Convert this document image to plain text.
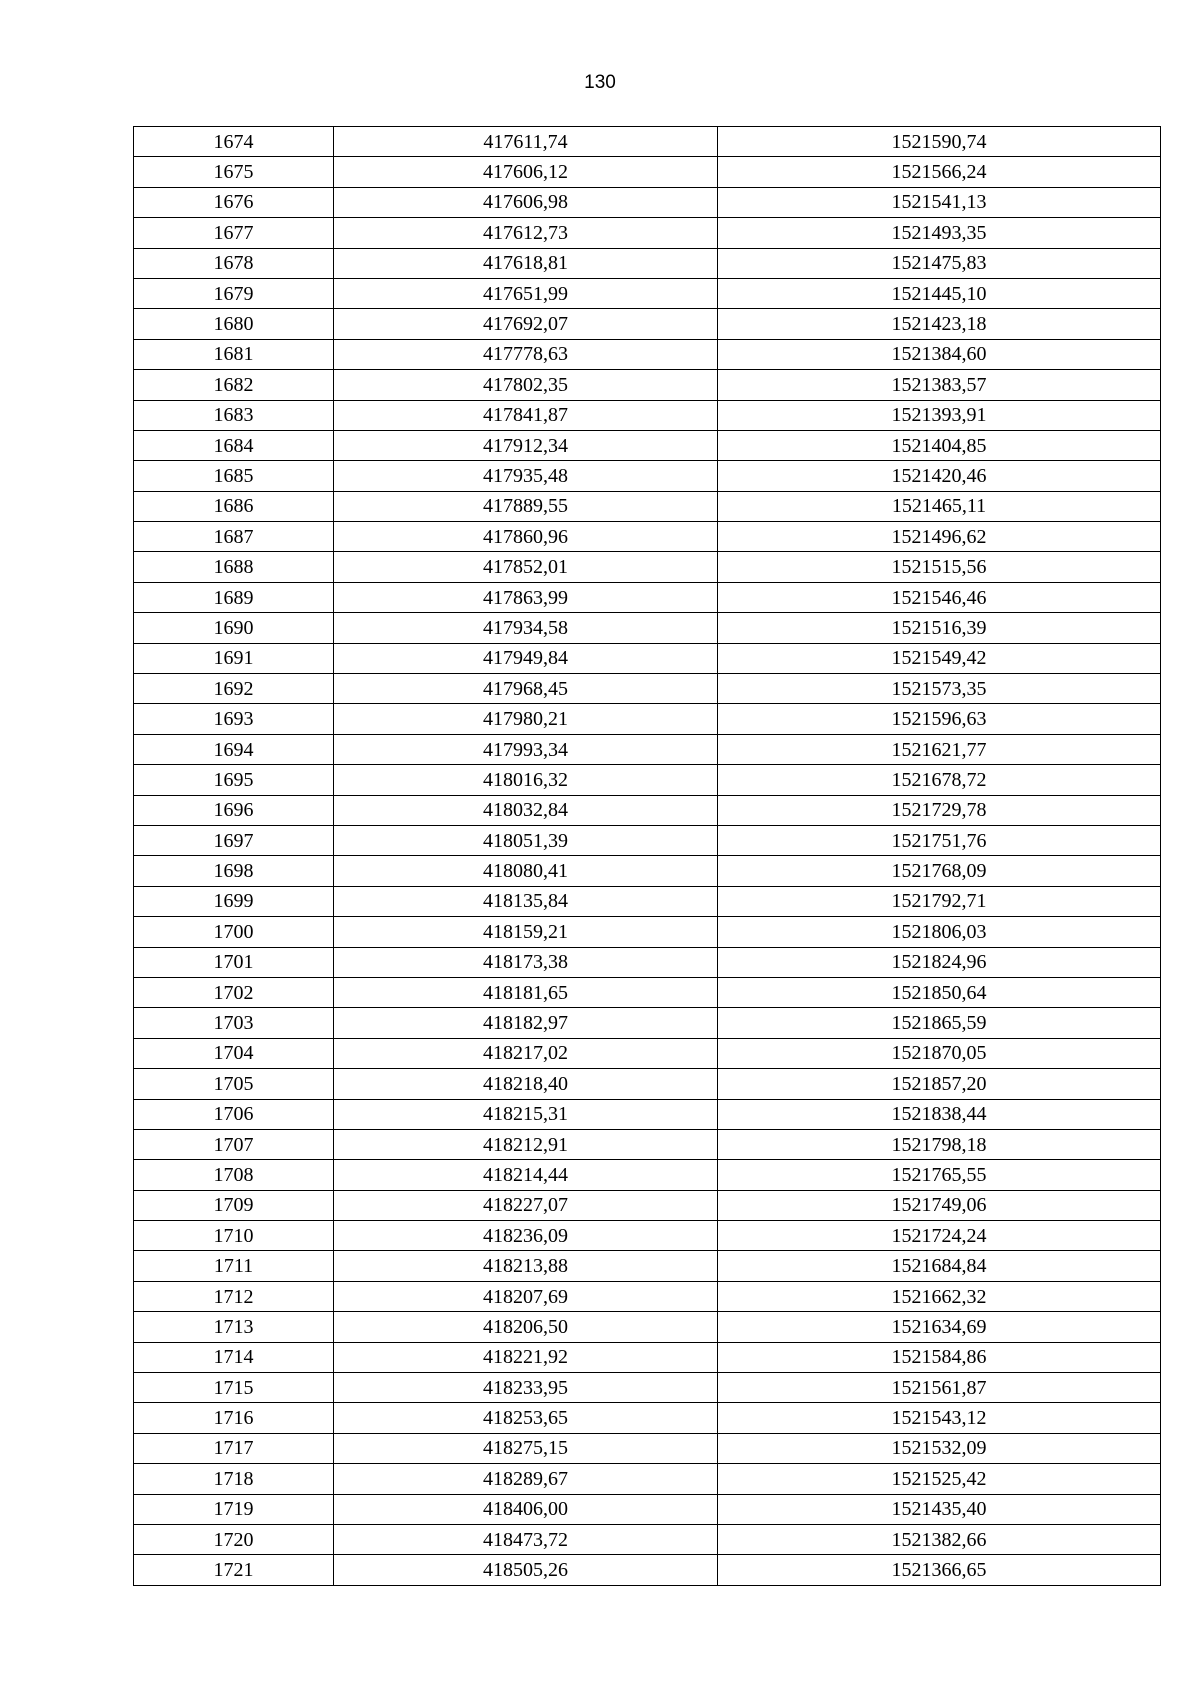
130
1674	417611,74	1521590,74
1675	417606,12	1521566,24
1676	417606,98	1521541,13
1677	417612,73	1521493,35
1678	417618,81	1521475,83
1679	417651,99	1521445,10
1680	417692,07	1521423,18
1681	417778,63	1521384,60
1682	417802,35	1521383,57
1683	417841,87	1521393,91
1684	417912,34	1521404,85
1685	417935,48	1521420,46
1686	417889,55	1521465,11
1687	417860,96	1521496,62
1688	417852,01	1521515,56
1689	417863,99	1521546,46
1690	417934,58	1521516,39
1691	417949,84	1521549,42
1692	417968,45	1521573,35
1693	417980,21	1521596,63
1694	417993,34	1521621,77
1695	418016,32	1521678,72
1696	418032,84	1521729,78
1697	418051,39	1521751,76
1698	418080,41	1521768,09
1699	418135,84	1521792,71
1700	418159,21	1521806,03
1701	418173,38	1521824,96
1702	418181,65	1521850,64
1703	418182,97	1521865,59
1704	418217,02	1521870,05
1705	418218,40	1521857,20
1706	418215,31	1521838,44
1707	418212,91	1521798,18
1708	418214,44	1521765,55
1709	418227,07	1521749,06
1710	418236,09	1521724,24
1711	418213,88	1521684,84
1712	418207,69	1521662,32
1713	418206,50	1521634,69
1714	418221,92	1521584,86
1715	418233,95	1521561,87
1716	418253,65	1521543,12
1717	418275,15	1521532,09
1718	418289,67	1521525,42
1719	418406,00	1521435,40
1720	418473,72	1521382,66
1721	418505,26	1521366,65
